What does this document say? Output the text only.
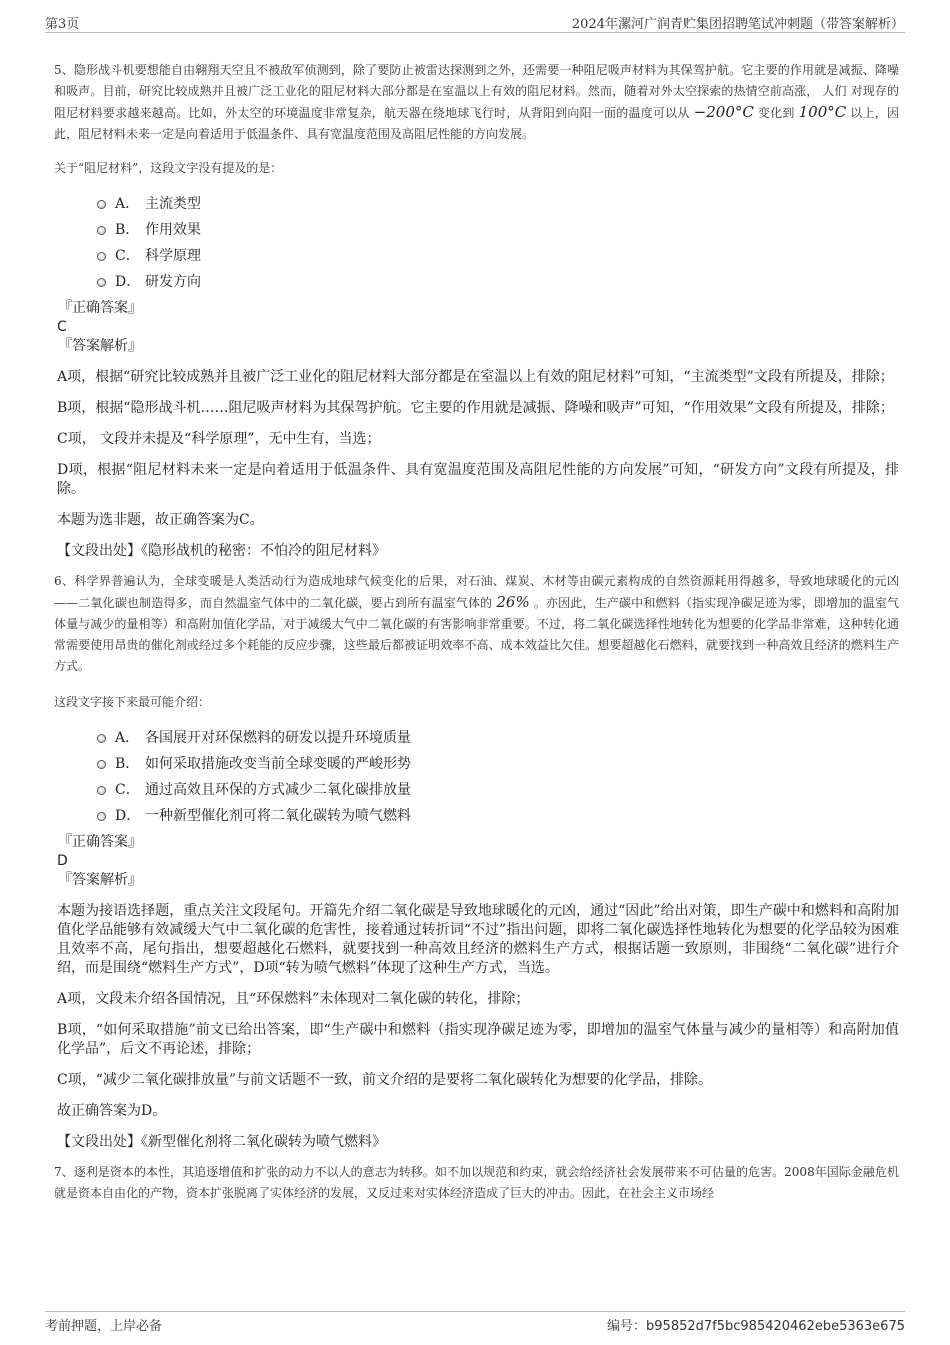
第3页	2024年漯河广润青贮集团招聘笔试冲刺题（带答案解析）

5、隐形战斗机要想能自由翱翔天空且不被敌军侦测到，除了要防止被雷达探测到之外，还需要一种阻尼吸声材料为其保驾护航。它主要的作用就是减振、降噪和吸声。目前，研究比较成熟并且被广泛工业化的阻尼材料大部分都是在室温以上有效的阻尼材料。然而，随着对外太空探索的热情空前高涨， 人们 对现存的阻尼材料要求越来越高。比如，外太空的环境温度非常复杂，航天器在绕地球飞行时，从背阳到向阳一面的温度可以从 −200°C 变化到 100°C 以上，因此，阻尼材料未来一定是向着适用于低温条件、具有宽温度范围及高阻尼性能的方向发展。

关于“阻尼材料”，这段文字没有提及的是：

A． 主流类型
B． 作用效果
C． 科学原理
D． 研发方向

『正确答案』

C

『答案解析』

A项，根据“研究比较成熟并且被广泛工业化的阻尼材料大部分都是在室温以上有效的阻尼材料”可知，“主流类型”文段有所提及，排除；

B项，根据“隐形战斗机……阻尼吸声材料为其保驾护航。它主要的作用就是减振、降噪和吸声”可知，“作用效果”文段有所提及，排除；

C项， 文段并未提及“科学原理”，无中生有，当选；

D项，根据“阻尼材料未来一定是向着适用于低温条件、具有宽温度范围及高阻尼性能的方向发展”可知，“研发方向”文段有所提及，排除。

本题为选非题，故正确答案为C。

【文段出处】《隐形战机的秘密：不怕冷的阻尼材料》

6、科学界普遍认为，全球变暖是人类活动行为造成地球气候变化的后果，对石油、煤炭、木材等由碳元素构成的自然资源耗用得越多，导致地球暖化的元凶——二氧化碳也制造得多，而自然温室气体中的二氧化碳，要占到所有温室气体的 26% 。亦因此，生产碳中和燃料（指实现净碳足迹为零，即增加的温室气体量与减少的量相等）和高附加值化学品，对于减缓大气中二氧化碳的有害影响非常重要。不过，将二氧化碳选择性地转化为想要的化学品非常难，这种转化通常需要使用昂贵的催化剂或经过多个耗能的反应步骤，这些最后都被证明效率不高、成本效益比欠佳。想要超越化石燃料，就要找到一种高效且经济的燃料生产方式。

这段文字接下来最可能介绍：

A． 各国展开对环保燃料的研发以提升环境质量
B． 如何采取措施改变当前全球变暖的严峻形势
C． 通过高效且环保的方式减少二氧化碳排放量
D． 一种新型催化剂可将二氧化碳转为喷气燃料

『正确答案』

D

『答案解析』

本题为接语选择题，重点关注文段尾句。开篇先介绍二氧化碳是导致地球暖化的元凶，通过“因此”给出对策，即生产碳中和燃料和高附加值化学品能够有效减缓大气中二氧化碳的危害性，接着通过转折词“不过”指出问题，即将二氧化碳选择性地转化为想要的化学品较为困难且效率不高，尾句指出，想要超越化石燃料，就要找到一种高效且经济的燃料生产方式，根据话题一致原则，非围绕“二氧化碳”进行介绍，而是围绕“燃料生产方式”，D项“转为喷气燃料”体现了这种生产方式，当选。

A项，文段未介绍各国情况，且“环保燃料”未体现对二氧化碳的转化，排除；

B项，“如何采取措施”前文已给出答案，即“生产碳中和燃料（指实现净碳足迹为零，即增加的温室气体量与减少的量相等）和高附加值化学品”，后文不再论述，排除；

C项，“减少二氧化碳排放量”与前文话题不一致，前文介绍的是要将二氧化碳转化为想要的化学品，排除。

故正确答案为D。

【文段出处】《新型催化剂将二氧化碳转为喷气燃料》

7、逐利是资本的本性，其追逐增值和扩张的动力不以人的意志为转移。如不加以规范和约束，就会给经济社会发展带来不可估量的危害。2008年国际金融危机就是资本自由化的产物，资本扩张脱离了实体经济的发展，又反过来对实体经济造成了巨大的冲击。因此，在社会主义市场经

考前押题，上岸必备	编号：b95852d7f5bc985420462ebe5363e675
